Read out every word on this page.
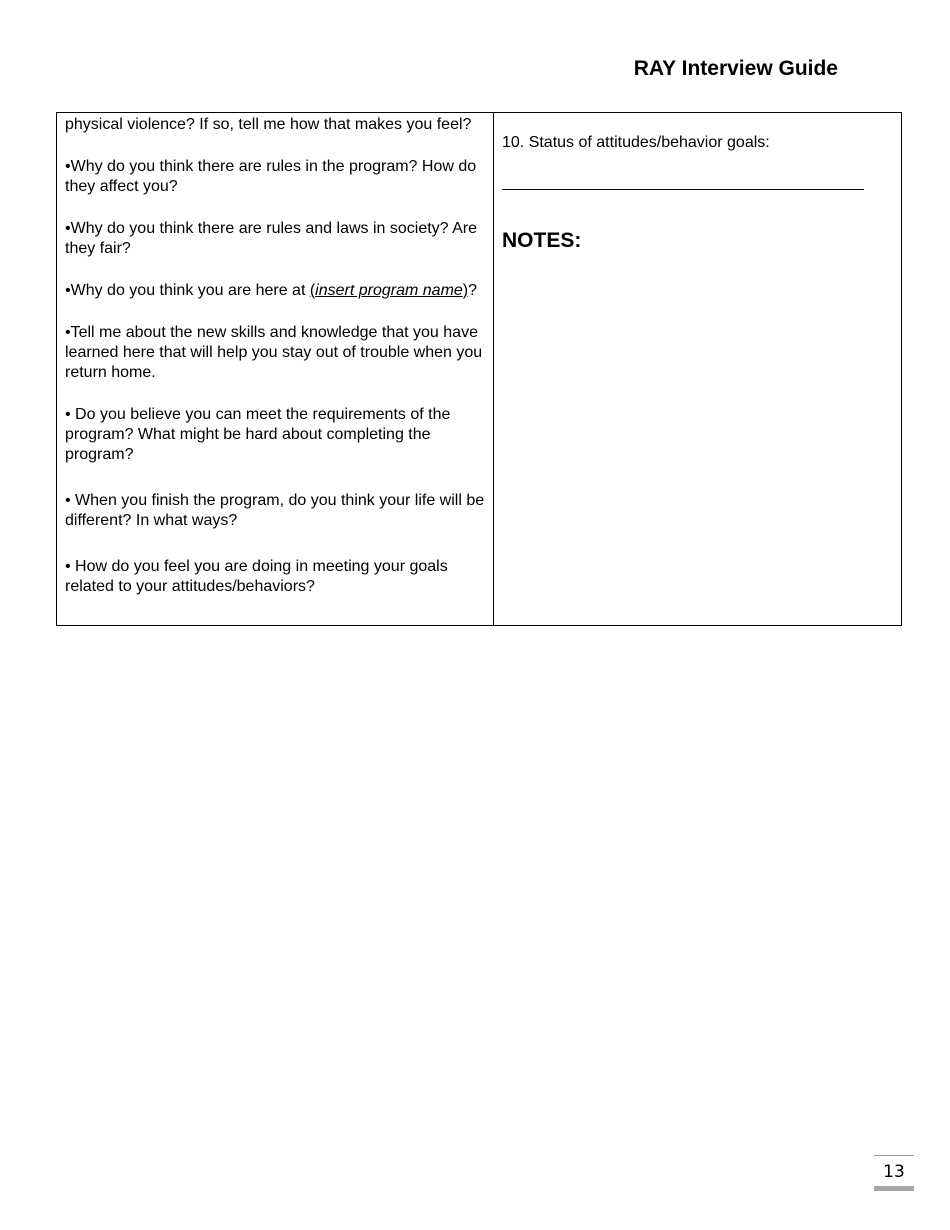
RAY Interview Guide

physical violence? If so, tell me how that makes you feel?

•Why do you think there are rules in the program? How do they affect you?

•Why do you think there are rules and laws in society? Are they fair?

•Why do you think you are here at (insert program name)?

•Tell me about the new skills and knowledge that you have learned here that will help you stay out of trouble when you return home.

• Do you believe you can meet the requirements of the program? What might be hard about completing the program?

• When you finish the program, do you think your life will be different? In what ways?

• How do you feel you are doing in meeting your goals related to your attitudes/behaviors?

10. Status of attitudes/behavior goals:

NOTES:

13
